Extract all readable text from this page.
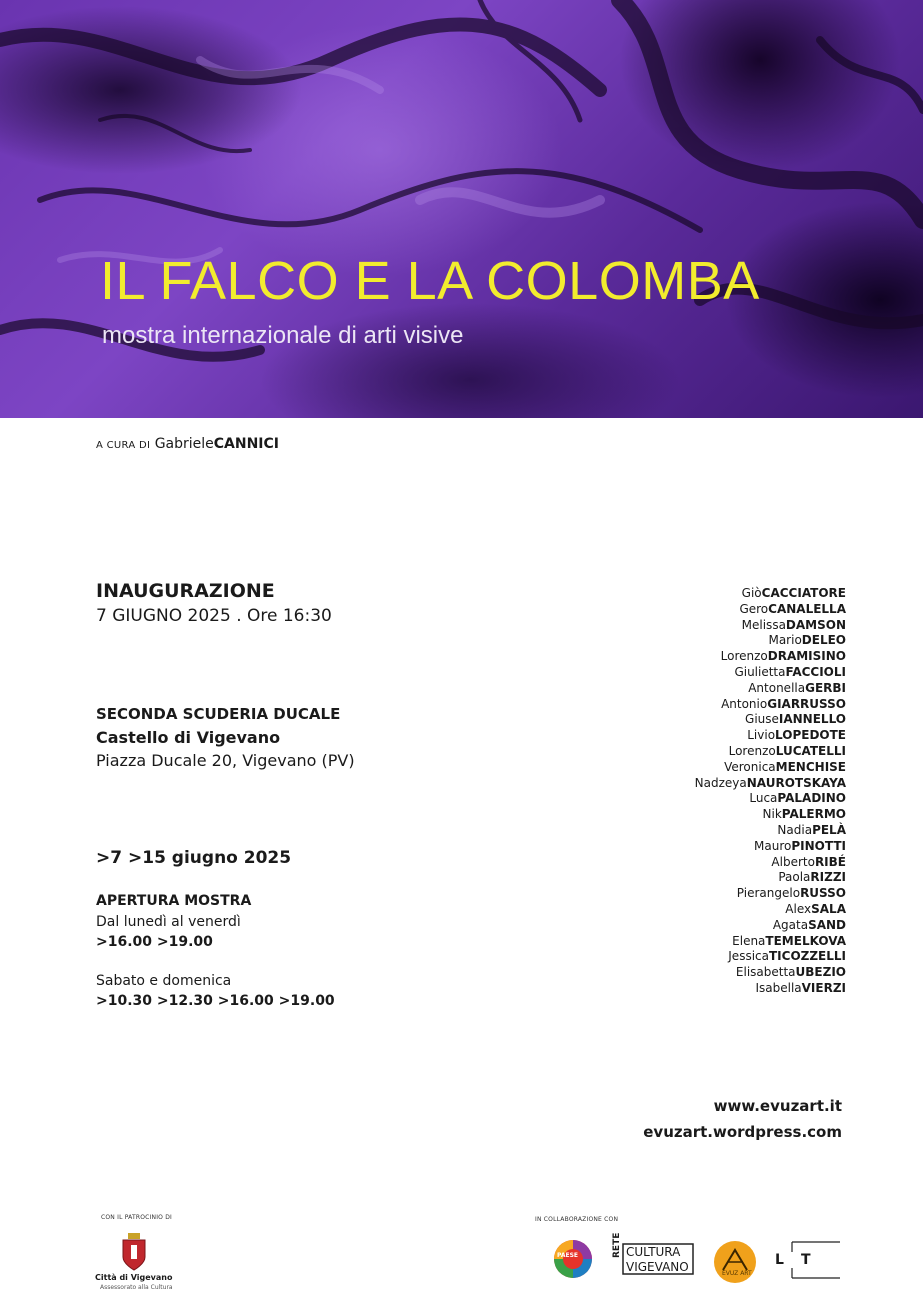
IL FALCO E LA COLOMBA

mostra internazionale di arti visive

A CURA DI GabrieleCANNICI
INAUGURAZIONE
7 GIUGNO 2025 . Ore 16:30
SECONDA SCUDERIA DUCALE
Castello di Vigevano
Piazza Ducale 20, Vigevano (PV)
>7 >15 giugno 2025
APERTURA MOSTRA
Dal lunedì al venerdì
>16.00 >19.00
Sabato e domenica
>10.30 >12.30 >16.00 >19.00
GiòCACCIATORE
GeroCANALELLA
MelissaDAMSON
MarioDELEO
LorenzoDRAMISINO
GiuliettaFACCIOLI
AntonellaGERBI
AntonioGIARRUSSO
GiuseIANNELLO
LivioLOPEDOTE
LorenzoLUCATELLI
VeronicaMENCHISE
NadzeyaNAUROTSKAYA
LucaPALADINO
NikPALERMO
NadiaPELÀ
MauroPINOTTI
AlbertoRIBÉ
PaolaRIZZI
PierangeloRUSSO
AlexSALA
AgataSAND
ElenaTEMELKOVA
JessicaTICOZZELLI
ElisabettaUBEZIO
IsabellaVIERZI
www.evuzart.it
evuzart.wordpress.com
CON IL PATROCINIO DI
Città di Vigevano
Assessorato alla Cultura
IN COLLABORAZIONE CON
PAESE	RETE CULTURA
VIGEVANO	EVUZ ART
L T
